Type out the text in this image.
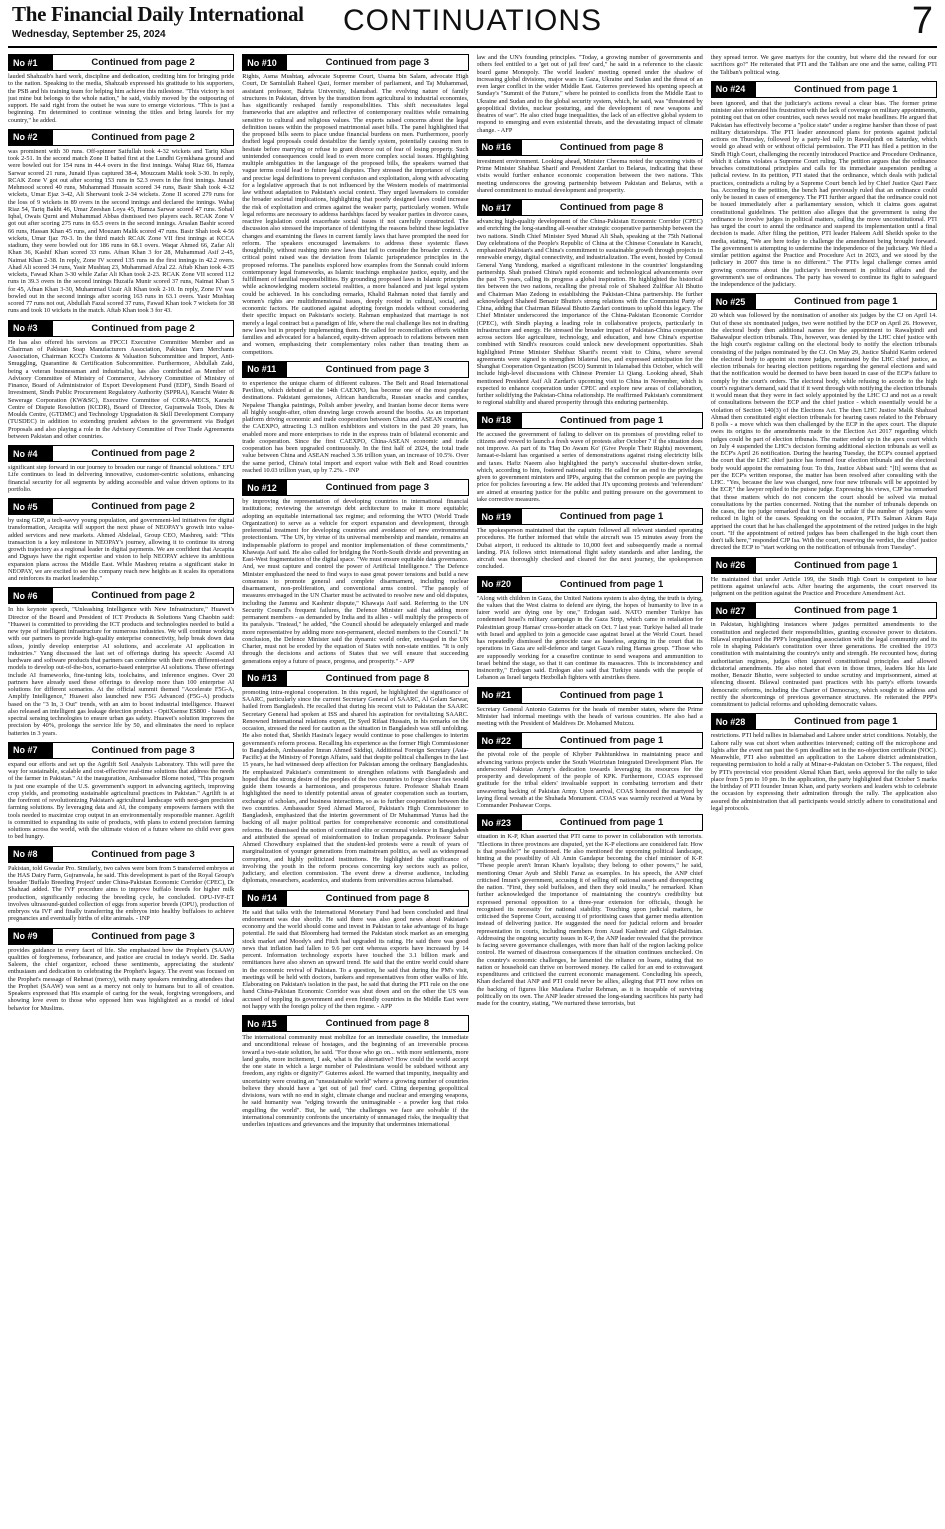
The Financial Daily International
Wednesday, September 25, 2024	CONTINUATIONS	7
No #1	Continued from page 2

lauded Shahzaib's hard work, discipline and dedication, crediting him for bringing pride to the nation. Speaking to the media, Shahzaib expressed his gratitude to his supporters, the PSB and his training team for helping him achieve this milestone. "This victory is not just mine but belongs to the whole nation," he said, visibly moved by the outpouring of support. He said right from the outset he was sure to emerge victorious. "This is just a beginning. I'm determined to continue winning the titles and bring laurels for my country," he added.

No #2	Continued from page 2

was prominent with 30 runs. Off-spinner Saifullah took 4-32 wickets and Tariq Khan took 2-51. In the second match Zone II batted first at the Lundhi Gymkhana ground and were bowled out for 154 runs in 44.4 overs in the first innings. Wahaj Riaz 66, Hamza Sarwar scored 21 runs, Junaid Ilyas captured 38-4, Mouzzam Malik took 3-30. In reply, RCAK Zone V got out after scoring 153 runs in 52.3 overs in the first innings. Junaid Mehmood scored 40 runs, Muhammad Hussain scored 34 runs, Basir Shah took 4-32 wickets, Umar Ejaz 3-42, Ali Sherwani took 2-34 wickets. Zone II scored 279 runs for the loss of 9 wickets in 89 overs in the second innings and declared the innings. Wahaj Riaz 54, Tariq Bakht 46, Umar Zeeshan Loya 45, Hamza Sarwar scored 47 runs. Sohail Iqbal, Owais Qurni and Muhammad Abbas dismissed two players each. RCAK Zone V got out after scoring 275 runs in 65.5 overs in the second innings. Arsalan Bashir scored 66 runs, Hassan Khan 45 runs, and Mouzam Malik scored 47 runs. Basir Shah took 4-56 wickets, Umar Ijaz 70-3. In the third match RCAK Zone VII first innings at KCCA stadium, they were bowled out for 186 runs in 68.1 overs. Waqar Ahmed 66, Zafar Ali Khan 36, Kashif Khan scored 33 runs. Afnan Khan 3 for 28, Muhammad Asif 2-45, Naimat Khan 2-38. In reply, Zone IV scored 135 runs in the first innings in 42.2 overs. Ahad Ali scored 34 runs, Yasir Mushtaq 23, Muhammad Afzal 22. Aftab Khan took 4-35 wickets, Fawad Khan 3-30 while Zafar Ali Khan took 2-23. RCAK Zone VII scored 112 runs in 39.3 overs in the second innings Huzaifa Munir scored 37 runs, Naimat Khan 5 for 45, Afnan Khan 3-30, Muhammad Uzair Ali Khan took 2-10. In reply, Zone IV was bowled out in the second innings after scoring 163 runs in 63.1 overs. Yasir Mushtaq scored 77 runs not out, Abdullah Fazal scored 37 runs, Fawad Khan took 7 wickets for 38 runs and took 10 wickets in the match. Aftab Khan took 3 for 43.

No #3	Continued from page 2

He has also offered his services as FPCCI Executive Committee Member and as Chairman of Pakistan Soap Manufacturers Association, Pakistan Yarn Merchants Association, Chairman KCCI's Customs & Valuation Subcommittee and Import, Anti-Smuggling, Quarantine & Certification Subcommittee. Furthermore, Abdullah Zaki, being a veteran businessman and industrialist, has also contributed as Member of Advisory Committee of Ministry of Commerce, Advisory Committee of Ministry of Finance, Board of Administrator of Export Development Fund (EDF), Sindh Board of Investment, Sindh Public Procurement Regulatory Authority (SPPRA), Karachi Water & Sewerage Corporation (KW&SC), Executive Committee of CORA-MECS, Karachi Centre of Dispute Resolution (KCDR), Board of Director, Gujranwala Tools, Dies & Moulds Centre, (GTDMC) and Technology Upgradation & Skill Development Company (TUSDEC) in addition to extending prudent advises to the government via Budget Proposals and also playing a role in the Advisory Committee of Free Trade Agreements between Pakistan and other countries.

No #4	Continued from page 2

significant step forward in our journey to broaden our range of financial solutions." EFU Life continues to lead in delivering innovative, customer-centric solutions, enhancing financial security for all segments by adding accessible and value driven options to its portfolio.

No #5	Continued from page 2

by using GDP, a tech-savvy young population, and government-led initiatives for digital transformation, Arcapita will support the next phase of NEOPAY's growth into value-added services and new markets. Ahmed Abdelaal, Group CEO, Mashreq, said: "This transaction is a key milestone in NEOPAY's journey, allowing it to continue its strong growth trajectory as a regional leader in digital payments. We are confident that Arcapita and Dgpays have the right expertise and vision to help NEOPAY achieve its ambitious expansion plans across the Middle East. While Mashreq retains a significant stake in NEOPAY, we are excited to see the company reach new heights as it scales its operations and reinforces its market leadership."

No #6	Continued from page 2

In his keynote speech, "Unleashing Intelligence with New Infrastructure," Huawei's Director of the Board and President of ICT Products & Solutions Yang Chaobin said: "Huawei is committed to providing the ICT products and technologies needed to build a new type of intelligent infrastructure for numerous industries. We will continue working with our partners to provide high-quality enterprise connectivity, help break down data siloes, jointly develop enterprise AI solutions, and accelerate AI application in industries." Yang discussed the last set of offerings during his speech: Ascend AI hardware and software products that partners can combine with their own different-sized models to develop out-of-the-box, scenario-based enterprise AI solutions. These offerings include AI frameworks, fine-tuning kits, toolchains, and inference engines. Over 20 partners have already used these offerings to develop more than 100 enterprise AI solutions for different scenarios. At the official summit themed "Accelerate F5G-A, Amplify Intelligence," Huawei also launched new F5G Advanced (F5G-A) products based on the "3 In, 3 Out" trends, with an aim to boost industrial intelligence. Huawei also released an intelligent gas leakage detection product - OptiXsense ES800 - based on spectral sensing technologies to ensure urban gas safety. Huawei's solution improves the precision by 40%, prolongs the service life by 50, and eliminates the need to replace batteries in 3 years.

No #7	Continued from page 3

expand our efforts and set up the Agrilift Soil Analysis Laboratory. This will pave the way for sustainable, scalable and cost-effective real-time solutions that address the needs of the farmer in Pakistan." At the inauguration, Ambassador Blome noted, "This program is just one example of the U.S. government's support in advancing agritech, improving crop yields, and promoting sustainable agricultural practices in Pakistan." Agrilift is at the forefront of revolutionizing Pakistan's agricultural landscape with next-gen precision farming solutions. By leveraging data and AI, the company empowers farmers with the tools needed to maximize crop output in an environmentally responsible manner. Agrilift is committed to expanding its suite of products, with plans to extend precision farming solutions across the world, with the ultimate vision of a future where no child ever goes to bed hungry.

No #8	Continued from page 3

Pakistan, told Gwadar Pro. Similarly, two calves were born from 5 transferred embryos at the HAS Dairy Farm, Gujranwala, he said. This development is part of the Royal Group's broader 'Buffalo Breeding Project' under China-Pakistan Economic Corridor (CPEC), Dr Shahzad added. The IVF procedure aims to improve buffalo breeds for higher milk production, significantly reducing the breeding cycle, he concluded. OPU-IVF-ET involves ultrasound-guided collection of eggs from superior breeds (OPU), production of embryos via IVF and finally transferring the embryos into healthy buffaloes to achieve pregnancies and eventually births of elite animals. - INP

No #9	Continued from page 3

provides guidance in every facet of life. She emphasized how the Prophet's (SAAW) qualities of forgiveness, forbearance, and justice are crucial in today's world. Dr. Sadia Saleem, the chief organizer, echoed these sentiments, appreciating the students' enthusiasm and dedication to celebrating the Prophet's legacy. The event was focused on the Prophet's message of Rehmat (mercy), with many speakers reminding attendees that the Prophet (SAAW) was sent as a mercy not only to humans but to all of creation. Speakers expressed that His example of caring for the weak, forgiving wrongdoers, and showing love even to those who opposed him was highlighted as a model of ideal behavior for Muslims.

No #10	Continued from page 3

Rights, Asma Mushtaq, advocate Supreme Court, Usama bin Salam, advocate High Court, Dr Samiullah Raheel Qazi, former member of parliament, and Taj Muhammad, assistant professor, Bahria University, Islamabad. The evolving nature of family structures in Pakistan, driven by the transition from agricultural to industrial economies, has significantly reshaped family responsibilities. This shift necessitates legal frameworks that are adaptive and reflective of contemporary realities while remaining sensitive to cultural and religious values. The experts raised concerns about the legal definition issues within the proposed matrimonial asset bills. The panel highlighted that the proposed bills seem to place undue financial burdens on men. Furthermore, poorly drafted legal proposals could destabilize the family system, potentially causing men to hesitate before marrying or refuse to grant divorce out of fear of losing property. Such unintended consequences could lead to even more complex social issues. Highlighting multiple ambiguities in the language of the proposed bills, the speakers warned that vague terms could lead to future legal disputes. They stressed the importance of clarity and precise legal definitions to prevent confusion and exploitation, along with advocating for a legislative approach that is not influenced by the Western models of matrimonial law without adaptation to Pakistan's social context. They urged lawmakers to consider the broader societal implications, highlighting that poorly designed laws could increase the risk of exploitation and crimes against the weaker party, particularly women. While legal reforms are necessary to address hardships faced by weaker parties in divorce cases, reactive legislation could exacerbate social issues if not carefully constructed. The discussion also stressed the importance of identifying the reasons behind these legislative changes and examining the flaws in current family laws that have prompted the need for reform. The speakers encouraged lawmakers to address these systemic flaws thoughtfully, without rushing into new laws that fail to consider the broader context. A critical point raised was the deviation from Islamic jurisprudence principles in the proposed reforms. The panelists explored how examples from the Sunnah could inform contemporary legal frameworks, as Islamic teachings emphasize justice, equity, and the fulfillment of familial responsibilities. By grounding proposed laws in Islamic principles while acknowledging modern societal realities, a more balanced and just legal system could be achieved. In his concluding remarks, Khalid Rahman noted that family and women's rights are multidimensional issues, deeply rooted in cultural, social, and economic factors. He cautioned against adopting foreign models without considering their specific impact on Pakistan's society. Rahman emphasized that marriage is not merely a legal contract but a paradigm of life, where the real challenge lies not in drafting new laws but in properly implementing them. He called for reconciliation efforts within families and advocated for a balanced, equity-driven approach to relations between men and women, emphasizing their complementary roles rather than treating them as competitors.

No #11	Continued from page 3

to experience the unique charm of different cultures. The Belt and Road International Pavilion, which debuted at the 14th CAEXPO, has become one of the most popular destinations. Pakistani gemstones, African handicrafts, Russian snacks and candies, Nepalese Thangka paintings, Polish amber jewelry, and Iranian home decor items were all highly sought-after, often drawing large crowds around the booths. As an important platform driving economic and trade cooperation between China and ASEAN countries, the CAEXPO, attracting 1.3 million exhibitors and visitors in the past 20 years, has enabled more and more enterprises to ride in the express train of bilateral economic and trade cooperation. Since the first CAEXPO, China-ASEAN economic and trade cooperation has been upgraded continuously. In the first half of 2024, the total trade value between China and ASEAN reached 3.36 trillion yuan, an increase of 10.5%. Over the same period, China's total import and export value with Belt and Road countries reached 10.03 trillion yuan, up by 7.2%. - INP

No #12	Continued from page 3

by improving the representation of developing countries in international financial institutions; reviewing the sovereign debt architecture to make it more equitable; adopting an equitable international tax regime; and reforming the WTO (World Trade Organization) to serve as a vehicle for export expansion and development, through preferential treatment for developing countries and avoidance of new environmental protectionism. "The UN, by virtue of its universal membership and mandate, remains an indispensable platform to propel and monitor implementation of these commitments," Khawaja Asif said. He also called for bridging the North-South divide and preventing an East-West fragmentation of the digital space. "We must ensure equitable data governance. And, we must capture and control the power of Artificial Intelligence." The Defence Minister emphasized the need to find ways to ease great power tensions and build a new consensus to promote general and complete disarmament, including nuclear disarmament, non-proliferation, and conventional arms control. "The panoply of measures envisaged in the UN Charter must be activated to resolve new and old disputes, including the Jammu and Kashmir dispute," Khawaja Asif said. Referring to the UN Security Council's frequent failures, the Defence Minister said that adding more permanent members - as demanded by India and its allies - will multiply the prospects of its paralysis. "Instead," he added, "the Council should be adequately enlarged and made more representative by adding more non-permanent, elected members to the Council." In conclusion, the Defence Minister said the dynamic world order, envisaged in the UN Charter, must not be eroded by the equation of States with non-state entities. "It is only through the decisions and actions of States that we will ensure that succeeding generations enjoy a future of peace, progress, and prosperity." - APP

No #13	Continued from page 8

promoting intra-regional cooperation. In this regard, he highlighted the significance of SAARC, particularly since the current Secretary General of SAARC, Al Golam Sarwar, hailed from Bangladesh. He recalled that during his recent visit to Pakistan the SAARC Secretary General had spoken at ISS and shared his aspiration for revitalizing SAARC. Renowned International relations expert, Dr Syed Rifaat Hussain, in his remarks on the occasion, stressed the need for caution as the situation in Bangladesh was still unfolding. He also noted that, Sheikh Hasina's legacy would continue to pose challenges to interim government's reform process. Recalling his experience as the former High Commissioner to Bangladesh, Ambassador Imran Ahmed Siddiqi, Additional Foreign Secretary (Asia-Pacific) at the Ministry of Foreign Affairs, said that despite political challenges in the last 15 years, he had witnessed deep affection for Pakistan among the ordinary Bangladeshis. He emphasized Pakistan's commitment to strengthen relations with Bangladesh and hoped that the strong desire of the peoples of the two countries to forge closer ties would guide them towards a harmonious, and prosperous future. Professor Shahab Enam highlighted the need to identify potential areas of greater cooperation such as tourism, exchange of scholars, and business interactions, so as to further cooperation between the two countries. Ambassador Syed Ahmad Maroof, Pakistan's High Commissioner to Bangladesh, emphasized that the interim government of Dr Muhammad Yunus had the backing of all major political parties for comprehensive economic and constitutional reforms. He dismissed the notion of continued elite or communal violence in Bangladesh and attributed the spread of misinformation to Indian propaganda. Professor Sabur Ahmed Chowdhury explained that the student-led protests were a result of years of marginalization of younger generations from mainstream politics, as well as widespread corruption, and highly politicized institutions. He highlighted the significance of involving the youth in the reform process concerning key sectors such as police, judiciary, and election commission. The event drew a diverse audience, including diplomats, researchers, academics, and students from universities across Islamabad.

No #14	Continued from page 8

He said that talks with the International Monetary Fund had been concluded and final endorsement was due shortly. He said there was also good news about Pakistan's economy and the world should come and invest in Pakistan to take advantage of its huge potential. He said that Bloomberg had termed the Pakistan stock market as an emerging stock market and Moody's and Fitch had upgraded its rating. He said there was good news that inflation had fallen to 9.6 per cent whereas exports have increased by 14 percent. Information technology exports have touched the 3.1 billion mark and remittances have also shown an upward trend. He said that the entire world could share in the economic revival of Pakistan. To a question, he said that during the PM's visit, meetings will be held with doctors, bankers and representatives from other walks of life. Elaborating on Pakistan's isolation in the past, he said that during the PTI rule on the one hand China-Pakistan Economic Corridor was shut down and on the other the US was accused of toppling its government and even friendly countries in the Middle East were not happy with the foreign policy of the then regime. - APP

No #15	Continued from page 8

The international community must mobilize for an immediate ceasefire, the immediate and unconditional release of hostages, and the beginning of an irreversible process toward a two-state solution, he said. "For those who go on... with more settlements, more land grabs, more incitement, I ask, what is the alternative? How could the world accept the one state in which a large number of Palestinians would be subdued without any freedom, any rights or dignity?" Guterres asked. He warned that impunity, inequality and uncertainty were creating an "unsustainable world" where a growing number of countries believe they should have a 'get out of jail free' card. Citing deepening geopolitical divisions, wars with no end in sight, climate change and nuclear and emerging weapons, he said humanity was "edging towards the unimaginable - a powder keg that risks engulfing the world". But, he said, "the challenges we face are solvable if the international community confronts the uncertainty of unmanaged risks, the inequality that underlies injustices and grievances and the impunity that undermines international

law and the UN's founding principles. "Today, a growing number of governments and others feel entitled to a 'get out of jail free' card," he said in a reference to the classic board game Monopoly. The world leaders' meeting opened under the shadow of increasing global divisions, major wars in Gaza, Ukraine and Sudan and the threat of an even larger conflict in the wider Middle East. Guterres previewed his opening speech at Sunday's "Summit of the Future," where he pointed to conflicts from the Middle East to Ukraine and Sudan and to the global security system, which, he said, was "threatened by geopolitical divides, nuclear posturing, and the development of new weapons and theatres of war". He also cited huge inequalities, the lack of an effective global system to respond to emerging and even existential threats, and the devastating impact of climate change. - AFP

No #16	Continued from page 8

investment environment. Looking ahead, Minister Cheema noted the upcoming visits of Prime Minister Shahbaz Sharif and President Zardari to Belarus, indicating that these visits would further enhance economic cooperation between the two nations. This meeting underscores the growing partnership between Pakistan and Belarus, with a shared commitment to mutual development and prosperity.

No #17	Continued from page 8

advancing high-quality development of the China-Pakistan Economic Corridor (CPEC) and enriching the long-standing all-weather strategic cooperative partnership between the two nations. Sindh Chief Minister Syed Murad Ali Shah, speaking at the 75th National Day celebrations of the People's Republic of China at the Chinese Consulate in Karachi, emphasized Pakistan's and China's commitment to sustainable growth through projects in renewable energy, digital connectivity, and industrialization. The event, hosted by Consul General Yang Yundong, marked a significant milestone in the countries' longstanding partnership. Shah praised China's rapid economic and technological advancements over the past 75 years, calling its progress a global inspiration. He highlighted the historical ties between the two nations, recalling the pivotal role of Shaheed Zulfikar Ali Bhutto and Chairman Mao Zedong in establishing the Pakistan-China partnership. He further acknowledged Shaheed Benazir Bhutto's strong relations with the Communist Party of China, adding that Chairman Bilawal Bhutto Zardari continues to uphold this legacy. The Chief Minister underscored the importance of the China-Pakistan Economic Corridor (CPEC), with Sindh playing a leading role in collaborative projects, particularly in infrastructure and energy. He stressed the broader impact of Pakistan-China cooperation across sectors like agriculture, technology, and education, and how China's expertise combined with Sindh's resources could unlock new development opportunities. Shah highlighted Prime Minister Shehbaz Sharif's recent visit to China, where several agreements were signed to strengthen bilateral ties, and expressed anticipation for the Shanghai Cooperation Organization (SCO) Summit in Islamabad this October, which will include high-level discussions with Chinese Premier Li Qiang. Looking ahead, Shah mentioned President Asif Ali Zardari's upcoming visit to China in November, which is expected to enhance cooperation under CPEC and explore new areas of collaboration, further solidifying the Pakistan-China relationship. He reaffirmed Pakistan's commitment to regional stability and shared prosperity through this enduring partnership.

No #18	Continued from page 1

He accused the government of failing to deliver on its promises of providing relief to citizens and vowed to launch a fresh wave of protests after October 7 if the situation does not improve. As part of its 'Haq Do Awam Ko' (Give People Their Rights) movement, Jamaat-e-Islami has organised a series of demonstrations against rising electricity bills and taxes. Hafiz Naeem also highlighted the party's successful shutter-down strike, which, according to him, fostered national unity. He called for an end to the privileges given to government ministers and IPPs, arguing that the common people are paying the price for policies favouring a few. He added that JI's upcoming protests and 'referendum' are aimed at ensuring justice for the public and putting pressure on the government to take corrective measures.

No #19	Continued from page 1

The spokesperson maintained that the captain followed all relevant standard operating procedures. He further informed that while the aircraft was 15 minutes away from the Dubai airport, it reduced its altitude to 10,000 feet and subsequently made a normal landing. PIA follows strict international flight safety standards and after landing, the aircraft was thoroughly checked and cleared for the next journey, the spokesperson concluded.

No #20	Continued from page 1

"Along with children in Gaza, the United Nations system is also dying, the truth is dying, the values that the West claims to defend are dying, the hopes of humanity to live in a fairer world are dying one by one," Erdogan said. NATO member Turkiye has condemned Israel's military campaign in the Gaza Strip, which came in retaliation for Palestinian group Hamas' cross-border attack on Oct. 7 last year. Turkiye halted all trade with Israel and applied to join a genocide case against Israel at the World Court. Israel has repeatedly dismissed the genocide case as baseless, arguing in the court that its operations in Gaza are self-defence and target Gaza's ruling Hamas group. "Those who are supposedly working for a ceasefire continue to send weapons and ammunition to Israel behind the stage, so that it can continue its massacres. This is inconsistency and insincerity," Erdogan said. Erdogan also said that Turkiye stands with the people of Lebanon as Israel targets Hezbollah fighters with airstrikes there.

No #21	Continued from page 1

Secretary General Antonio Guterres for the heads of member states, where the Prime Minister had informal meetings with the heads of various countries. He also had a meeting with the President of Maldives Dr. Mohamed Muizzu.

No #22	Continued from page 1

the pivotal role of the people of Khyber Pakhtunkhwa in maintaining peace and advancing various projects under the South Waziristan Integrated Development Plan. He underscored Pakistan Army's dedication towards leveraging its resources for the prosperity and development of the people of KPK. Furthermore, COAS expressed gratitude for the tribal elders' invaluable support in combating terrorism and their unwavering backing of Pakistan Army. Upon arrival, COAS honoured the martyred by laying floral wreath at the Shuhada Monument. COAS was warmly received at Wana by Commander Peshawar Corps.

No #23	Continued from page 1

situation in K-P, Khan asserted that PTI came to power in collaboration with terrorists. "Elections in three provinces are disputed, yet the K-P elections are considered fair. How is that possible?" he questioned. He also mentioned the upcoming political landscape, hinting at the possibility of Ali Amin Gandapur becoming the chief minister of K-P. "These people aren't Imran Khan's loyalists; they belong to other powers," he said, mentioning Omar Ayub and Shibli Faraz as examples. In his speech, the ANP chief criticised Imran's government, accusing it of selling off national assets and disrespecting the nation. "First, they sold buffaloes, and then they sold insults," he remarked. Khan further acknowledged the importance of maintaining the country's credibility but expressed personal opposition to a three-year extension for officials, though he recognised its necessity for national stability. Touching upon judicial matters, he criticised the Supreme Court, accusing it of prioritising cases that garner media attention instead of delivering justice. He suggested the need for judicial reform and broader representation in courts, including members from Azad Kashmir and Gilgit-Baltistan. Addressing the ongoing security issues in K-P, the ANP leader revealed that the province is facing severe governance challenges, with more than half of the region lacking police control. He warned of disastrous consequences if the situation continues unchecked. On the country's economic challenges, he lamented the reliance on loans, stating that no nation or household can thrive on borrowed money. He called for an end to extravagant expenditures and criticised the current economic management. Concluding his speech, Khan declared that ANP and PTI could never be allies, alleging that PTI now relies on the backing of figures like Maulana Fazlur Rehman, as it is incapable of surviving politically on its own. The ANP leader stressed the long-standing sacrifices his party had made for the country, stating, "We nurtured these terrorists, but

they spread terror. We gave martyrs for the country, but where did the reward for our sacrifices go?" He reiterated that PTI and the Taliban are one and the same, calling PTI the Taliban's political wing.

No #24	Continued from page 1

been ignored, and that the judiciary's actions reveal a clear bias. The former prime minister also reiterated his frustration with the lack of coverage on military appointments, pointing out that on other countries, such news would not make headlines. He argued that Pakistan has effectively become a "police state" under a regime harsher than those of past military dictatorships. The PTI leader announced plans for protests against judicial actions on Thursday, followed by a party-led rally in Rawalpindi on Saturday, which would go ahead with or without official permission. The PTI has filed a petition in the Sindh High Court, challenging the recently introduced Practice and Procedure Ordinance, which it claims violates a Supreme Court ruling. The petition argues that the ordinance breaches constitutional principles and calls for its immediate suspension pending a judicial review. In its petition, PTI stated that the ordinance, which deals with judicial practices, contradicts a ruling by a Supreme Court bench led by Chief Justice Qazi Faez Isa. According to the petition, the bench had previously ruled that an ordinance could only be issued in cases of emergency. The PTI further argued that the ordinance could not be issued immediately after a parliamentary session, which it claims goes against constitutional guidelines. The petition also alleges that the government is using the ordinance to involve judges in political matters, calling the move unconstitutional. PTI has urged the court to annul the ordinance and suspend its implementation until a final decision is made. After filing the petition, PTI leader Haleem Adil Sheikh spoke to the media, stating, "We are here today to challenge the amendment being brought forward. The government is attempting to undermine the independence of the judiciary. We filed a similar petition against the Practice and Procedure Act in 2023, and we stood by the judiciary in 2007 this time is no different." The PTI's legal challenge comes amid growing concerns about the judiciary's involvement in political affairs and the government's use of ordinances. The party has vowed to continue its fight to safeguard the independence of the judiciary.

No #25	Continued from page 1

20 which was followed by the nomination of another six judges by the CJ on April 14. Out of these six nominated judges, two were notified by the ECP on April 26. However, the electoral body then additional names for the appointment to Rawalpindi and Bahawalpur election tribunals. This, however, was denied by the LHC chief justice with the high court's registrar calling on the electoral body to notify the election tribunals consisting of the judges nominated by the CJ. On May 29, Justice Shahid Karim ordered the electoral body to appoint six more judges, nominated by the LHC chief justice, as election tribunals for hearing election petitions regarding the general elections and said that the notification would be deemed to have been issued in case of the ECP's failure to comply by the court's orders. The electoral body, while refusing to accede to the high court's registrar's demand, said that if it went through with notifying the election tribunals it would mean that they were in fact solely appointed by the LHC CJ and not as a result of consultations between the ECP and the chief justice - which essentially would be a violation of Section 140(3) of the Elections Act. The then LHC Justice Malik Shahzad Ahmad then constituted eight election tribunals for hearing cases related to the February 8 polls - a move which was then challenged by the ECP in the apex court. The dispute owes its origins to the amendments made to the Election Act 2017 regarding which judges could be part of election tribunals. The matter ended up in the apex court which on July 4 suspended the LHC's decision forming additional election tribunals as well as the ECP's April 26 notification. During the hearing Tuesday, the ECP's counsel apprised the court that the LHC chief justice has formed four election tribunals and the electoral body would appoint the remaining four. To this, Justice Abbasi said: "[It] seems that as per the ECP's written response, the matter has been resolved after consulting with the LHC. "Yes, because the law was changed, now four new tribunals will be appointed by the ECP," the lawyer replied to the puisne judge. Expressing his views, CJP Isa remarked that those matters which do not concern the court should be solved via mutual consultations by the parties concerned. Noting that the number of tribunals depends on the cases, the top judge remarked that it would be unfair if the number of judges were reduced in light of the cases. Speaking on the occasion, PTI's Salman Akram Raja apprised the court that he has challenged the appointment of the retired judges in the high court. "If the appointment of retired judges has been challenged in the high court then don't talk here," responded CJP Isa. With the court, reserving the verdict, the chief justice directed the ECP to "start working on the notification of tribunals from Tuesday".

No #26	Continued from page 1

He maintained that under Article 199, the Sindh High Court is competent to hear petitions against unlawful acts. After hearing the arguments, the court reserved its judgment on the petition against the Practice and Procedure Amendment Act.

No #27	Continued from page 1

in Pakistan, highlighting instances where judges permitted amendments to the constitution and neglected their responsibilities, granting excessive power to dictators. Bilawal emphasized the PPP's longstanding association with the legal community and its role in shaping Pakistan's constitution over three generations. He credited the 1973 constitution with maintaining the country's unity and strength. He recounted how, during authoritarian regimes, judges often ignored constitutional principles and allowed dictatorial amendments. He also noted that even in those times, leaders like his late mother, Benazir Bhutto, were subjected to undue scrutiny and imprisonment, aimed at silencing dissent. Bilawal contrasted past practices with his party's efforts towards democratic reforms, including the Charter of Democracy, which sought to address and rectify the shortcomings of previous governance structures. He reiterated the PPP's commitment to judicial reforms and upholding democratic values.

No #28	Continued from page 1

restrictions. PTI held rallies in Islamabad and Lahore under strict conditions. Notably, the Lahore rally was cut short when authorities intervened; cutting off the microphone and lights after the event ran past the 6 pm deadline set in the no-objection certificate (NOC). Meanwhile, PTI also submitted an application to the Lahore district administration, requesting permission to hold a rally at Minar-e-Pakistan on October 5. The request, filed by PTI's provincial vice president Akmal Khan Bari, seeks approval for the rally to take place from 5 pm to 10 pm. In the application, the party highlighted that October 5 marks the birthday of PTI founder Imran Khan, and party workers and leaders wish to celebrate the occasion by expressing their admiration through the rally. The application also assured the administration that all participants would strictly adhere to constitutional and legal protocols.
